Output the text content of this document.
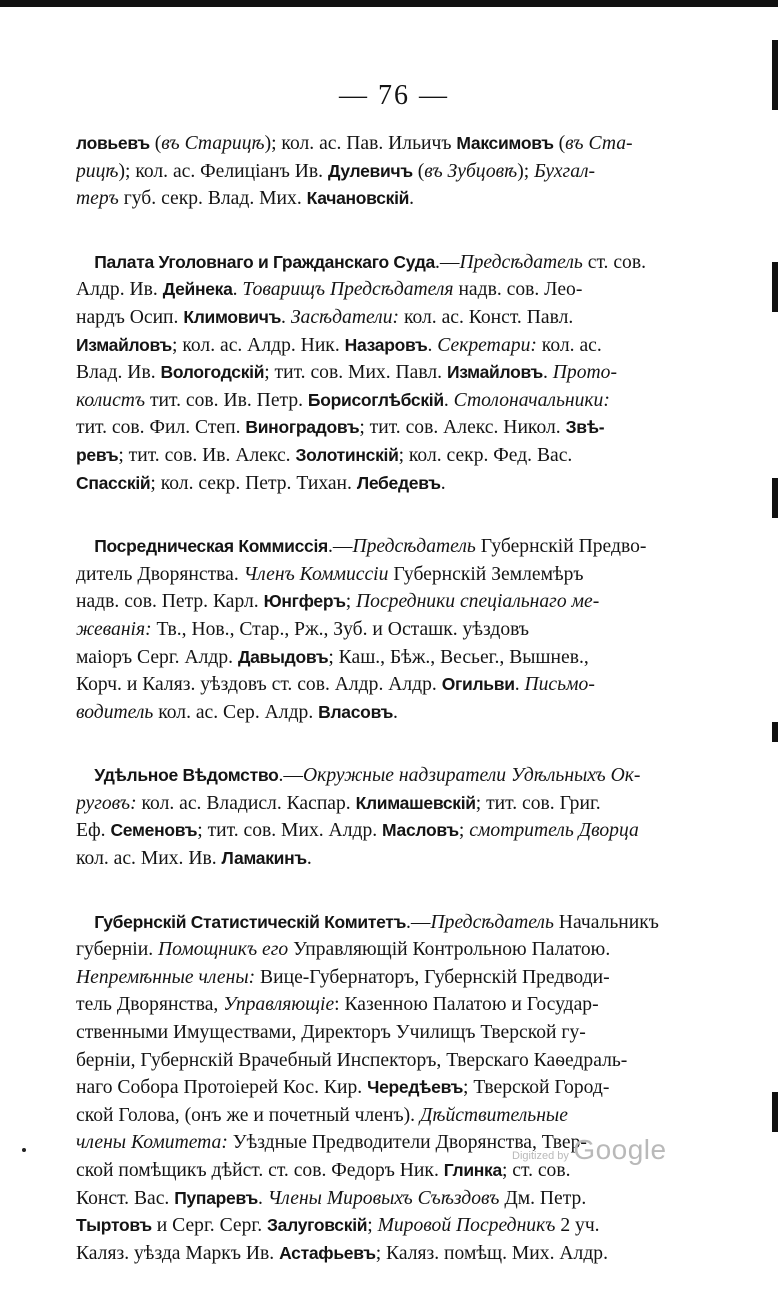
— 76 —
ловьевъ (въ Старицѣ); кол. ас. Пав. Ильичъ Максимовъ (въ Ста-
рицѣ); кол. ас. Фелиціанъ Ив. Дулевичъ (въ Зубцовѣ); Бухгал-
теръ губ. секр. Влад. Мих. Качановскій.
Палата Уголовнаго и Гражданскаго Суда.—Предсѣдатель ст. сов.
Алдр. Ив. Дейнека. Товарищъ Предсѣдателя надв. сов. Лео-
нардъ Осип. Климовичъ. Засѣдатели: кол. ас. Конст. Павл.
Измайловъ; кол. ас. Алдр. Ник. Назаровъ. Секретари: кол. ас.
Влад. Ив. Вологодскій; тит. сов. Мих. Павл. Измайловъ. Прото-
колистъ тит. сов. Ив. Петр. Борисоглѣбскій. Столоначальники:
тит. сов. Фил. Степ. Виноградовъ; тит. сов. Алекс. Никол. Звѣ-
ревъ; тит. сов. Ив. Алекс. Золотинскій; кол. секр. Фед. Вас.
Спасскій; кол. секр. Петр. Тихан. Лебедевъ.
Посредническая Коммиссія.—Предсѣдатель Губернскій Предво-
дитель Дворянства. Членъ Коммиссіи Губернскій Землемѣръ
надв. сов. Петр. Карл. Юнгферъ; Посредники спеціальнаго ме-
жеванія: Тв., Нов., Стар., Рж., Зуб. и Осташк. уѣздовъ
маіоръ Серг. Алдр. Давыдовъ; Каш., Бѣж., Весьег., Вышнев.,
Корч. и Каляз. уѣздовъ ст. сов. Алдр. Алдр. Огильви. Письмо-
водитель кол. ас. Сер. Алдр. Власовъ.
Удѣльное Вѣдомство.—Окружные надзиратели Удѣльныхъ Ок-
руговъ: кол. ас. Владисл. Каспар. Климашевскій; тит. сов. Григ.
Еф. Семеновъ; тит. сов. Мих. Алдр. Масловъ; смотритель Дворца
кол. ас. Мих. Ив. Ламакинъ.
Губернскій Статистическій Комитетъ.—Предсѣдатель Начальникъ
губерніи. Помощникъ его Управляющій Контрольною Палатою.
Непремѣнные члены: Вице-Губернаторъ, Губернскій Предводи-
тель Дворянства, Управляющіе: Казенною Палатою и Государ-
ственными Имуществами, Директоръ Училищъ Тверской гу-
берніи, Губернскій Врачебный Инспекторъ, Тверскаго Каѳедраль-
наго Собора Протоіерей Кос. Кир. Чередѣевъ; Тверской Город-
ской Голова, (онъ же и почетный членъ). Дѣйствительные
члены Комитета: Уѣздные Предводители Дворянства, Твер-
ской помѣщикъ дѣйст. ст. сов. Федоръ Ник. Глинка; ст. сов.
Конст. Вас. Пупаревъ. Члены Мировыхъ Съѣздовъ Дм. Петр.
Тыртовъ и Серг. Серг. Залуговскій; Мировой Посредникъ 2 уч.
Каляз. уѣзда Маркъ Ив. Астафьевъ; Каляз. помѣщ. Мих. Алдр.
Digitized by Google
